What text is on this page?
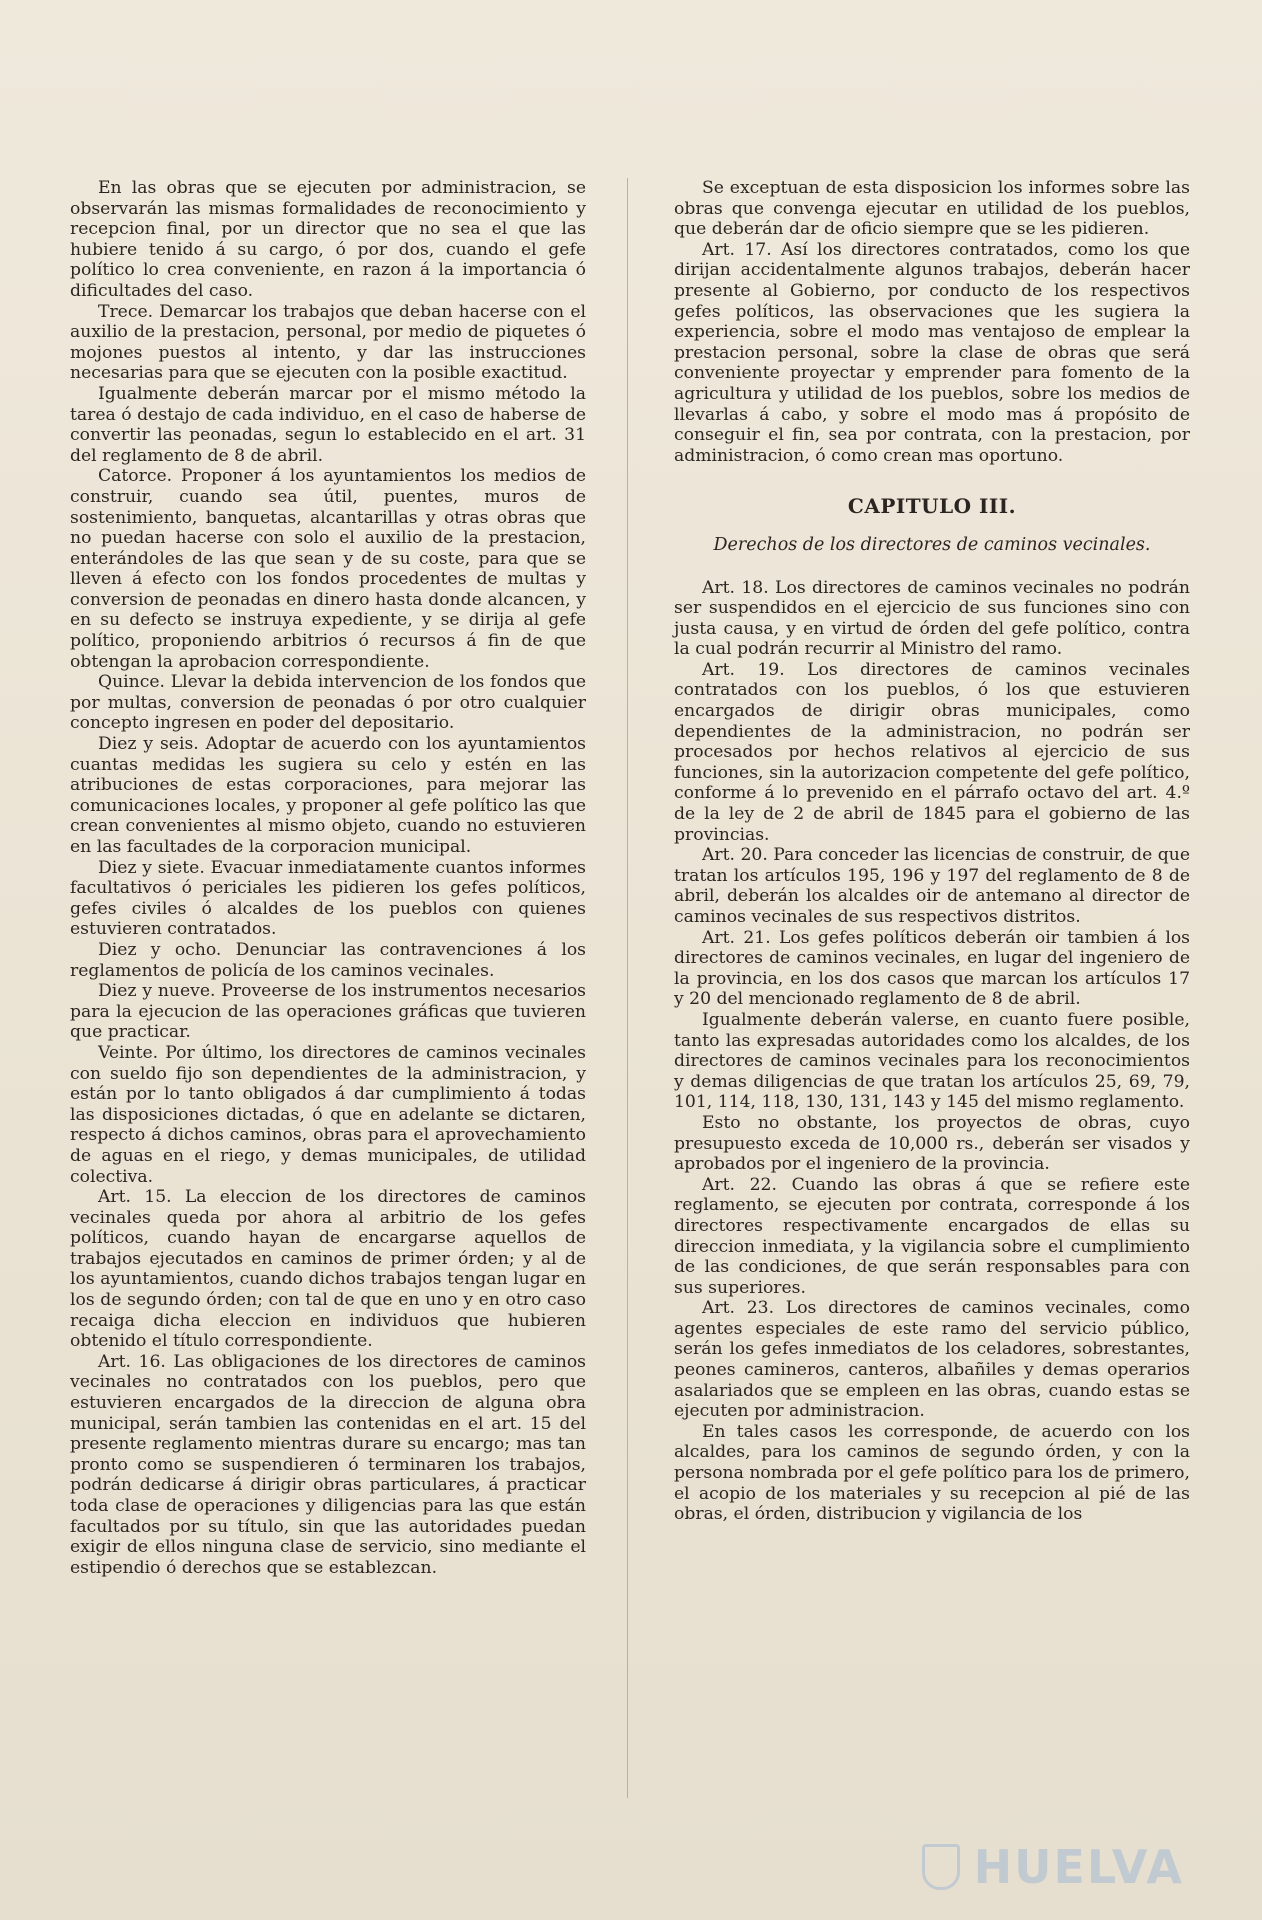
En las obras que se ejecuten por administracion, se observarán las mismas formalidades de reconocimiento y recepcion final, por un director que no sea el que las hubiere tenido á su cargo, ó por dos, cuando el gefe político lo crea conveniente, en razon á la importancia ó dificultades del caso.

Trece. Demarcar los trabajos que deban hacerse con el auxilio de la prestacion, personal, por medio de piquetes ó mojones puestos al intento, y dar las instrucciones necesarias para que se ejecuten con la posible exactitud.

Igualmente deberán marcar por el mismo método la tarea ó destajo de cada individuo, en el caso de haberse de convertir las peonadas, segun lo establecido en el art. 31 del reglamento de 8 de abril.

Catorce. Proponer á los ayuntamientos los medios de construir, cuando sea útil, puentes, muros de sostenimiento, banquetas, alcantarillas y otras obras que no puedan hacerse con solo el auxilio de la prestacion, enterándoles de las que sean y de su coste, para que se lleven á efecto con los fondos procedentes de multas y conversion de peonadas en dinero hasta donde alcancen, y en su defecto se instruya expediente, y se dirija al gefe político, proponiendo arbitrios ó recursos á fin de que obtengan la aprobacion correspondiente.

Quince. Llevar la debida intervencion de los fondos que por multas, conversion de peonadas ó por otro cualquier concepto ingresen en poder del depositario.

Diez y seis. Adoptar de acuerdo con los ayuntamientos cuantas medidas les sugiera su celo y estén en las atribuciones de estas corporaciones, para mejorar las comunicaciones locales, y proponer al gefe político las que crean convenientes al mismo objeto, cuando no estuvieren en las facultades de la corporacion municipal.

Diez y siete. Evacuar inmediatamente cuantos informes facultativos ó periciales les pidieren los gefes políticos, gefes civiles ó alcaldes de los pueblos con quienes estuvieren contratados.

Diez y ocho. Denunciar las contravenciones á los reglamentos de policía de los caminos vecinales.

Diez y nueve. Proveerse de los instrumentos necesarios para la ejecucion de las operaciones gráficas que tuvieren que practicar.

Veinte. Por último, los directores de caminos vecinales con sueldo fijo son dependientes de la administracion, y están por lo tanto obligados á dar cumplimiento á todas las disposiciones dictadas, ó que en adelante se dictaren, respecto á dichos caminos, obras para el aprovechamiento de aguas en el riego, y demas municipales, de utilidad colectiva.

Art. 15. La eleccion de los directores de caminos vecinales queda por ahora al arbitrio de los gefes políticos, cuando hayan de encargarse aquellos de trabajos ejecutados en caminos de primer órden; y al de los ayuntamientos, cuando dichos trabajos tengan lugar en los de segundo órden; con tal de que en uno y en otro caso recaiga dicha eleccion en individuos que hubieren obtenido el título correspondiente.

Art. 16. Las obligaciones de los directores de caminos vecinales no contratados con los pueblos, pero que estuvieren encargados de la direccion de alguna obra municipal, serán tambien las contenidas en el art. 15 del presente reglamento mientras durare su encargo; mas tan pronto como se suspendieren ó terminaren los trabajos, podrán dedicarse á dirigir obras particulares, á practicar toda clase de operaciones y diligencias para las que están facultados por su título, sin que las autoridades puedan exigir de ellos ninguna clase de servicio, sino mediante el estipendio ó derechos que se establezcan.

Se exceptuan de esta disposicion los informes sobre las obras que convenga ejecutar en utilidad de los pueblos, que deberán dar de oficio siempre que se les pidieren.

Art. 17. Así los directores contratados, como los que dirijan accidentalmente algunos trabajos, deberán hacer presente al Gobierno, por conducto de los respectivos gefes políticos, las observaciones que les sugiera la experiencia, sobre el modo mas ventajoso de emplear la prestacion personal, sobre la clase de obras que será conveniente proyectar y emprender para fomento de la agricultura y utilidad de los pueblos, sobre los medios de llevarlas á cabo, y sobre el modo mas á propósito de conseguir el fin, sea por contrata, con la prestacion, por administracion, ó como crean mas oportuno.

CAPITULO III.

Derechos de los directores de caminos vecinales.

Art. 18. Los directores de caminos vecinales no podrán ser suspendidos en el ejercicio de sus funciones sino con justa causa, y en virtud de órden del gefe político, contra la cual podrán recurrir al Ministro del ramo.

Art. 19. Los directores de caminos vecinales contratados con los pueblos, ó los que estuvieren encargados de dirigir obras municipales, como dependientes de la administracion, no podrán ser procesados por hechos relativos al ejercicio de sus funciones, sin la autorizacion competente del gefe político, conforme á lo prevenido en el párrafo octavo del art. 4.º de la ley de 2 de abril de 1845 para el gobierno de las provincias.

Art. 20. Para conceder las licencias de construir, de que tratan los artículos 195, 196 y 197 del reglamento de 8 de abril, deberán los alcaldes oir de antemano al director de caminos vecinales de sus respectivos distritos.

Art. 21. Los gefes políticos deberán oir tambien á los directores de caminos vecinales, en lugar del ingeniero de la provincia, en los dos casos que marcan los artículos 17 y 20 del mencionado reglamento de 8 de abril.

Igualmente deberán valerse, en cuanto fuere posible, tanto las expresadas autoridades como los alcaldes, de los directores de caminos vecinales para los reconocimientos y demas diligencias de que tratan los artículos 25, 69, 79, 101, 114, 118, 130, 131, 143 y 145 del mismo reglamento.

Esto no obstante, los proyectos de obras, cuyo presupuesto exceda de 10,000 rs., deberán ser visados y aprobados por el ingeniero de la provincia.

Art. 22. Cuando las obras á que se refiere este reglamento, se ejecuten por contrata, corresponde á los directores respectivamente encargados de ellas su direccion inmediata, y la vigilancia sobre el cumplimiento de las condiciones, de que serán responsables para con sus superiores.

Art. 23. Los directores de caminos vecinales, como agentes especiales de este ramo del servicio público, serán los gefes inmediatos de los celadores, sobrestantes, peones camineros, canteros, albañiles y demas operarios asalariados que se empleen en las obras, cuando estas se ejecuten por administracion.

En tales casos les corresponde, de acuerdo con los alcaldes, para los caminos de segundo órden, y con la persona nombrada por el gefe político para los de primero, el acopio de los materiales y su recepcion al pié de las obras, el órden, distribucion y vigilancia de los

HUELVA
